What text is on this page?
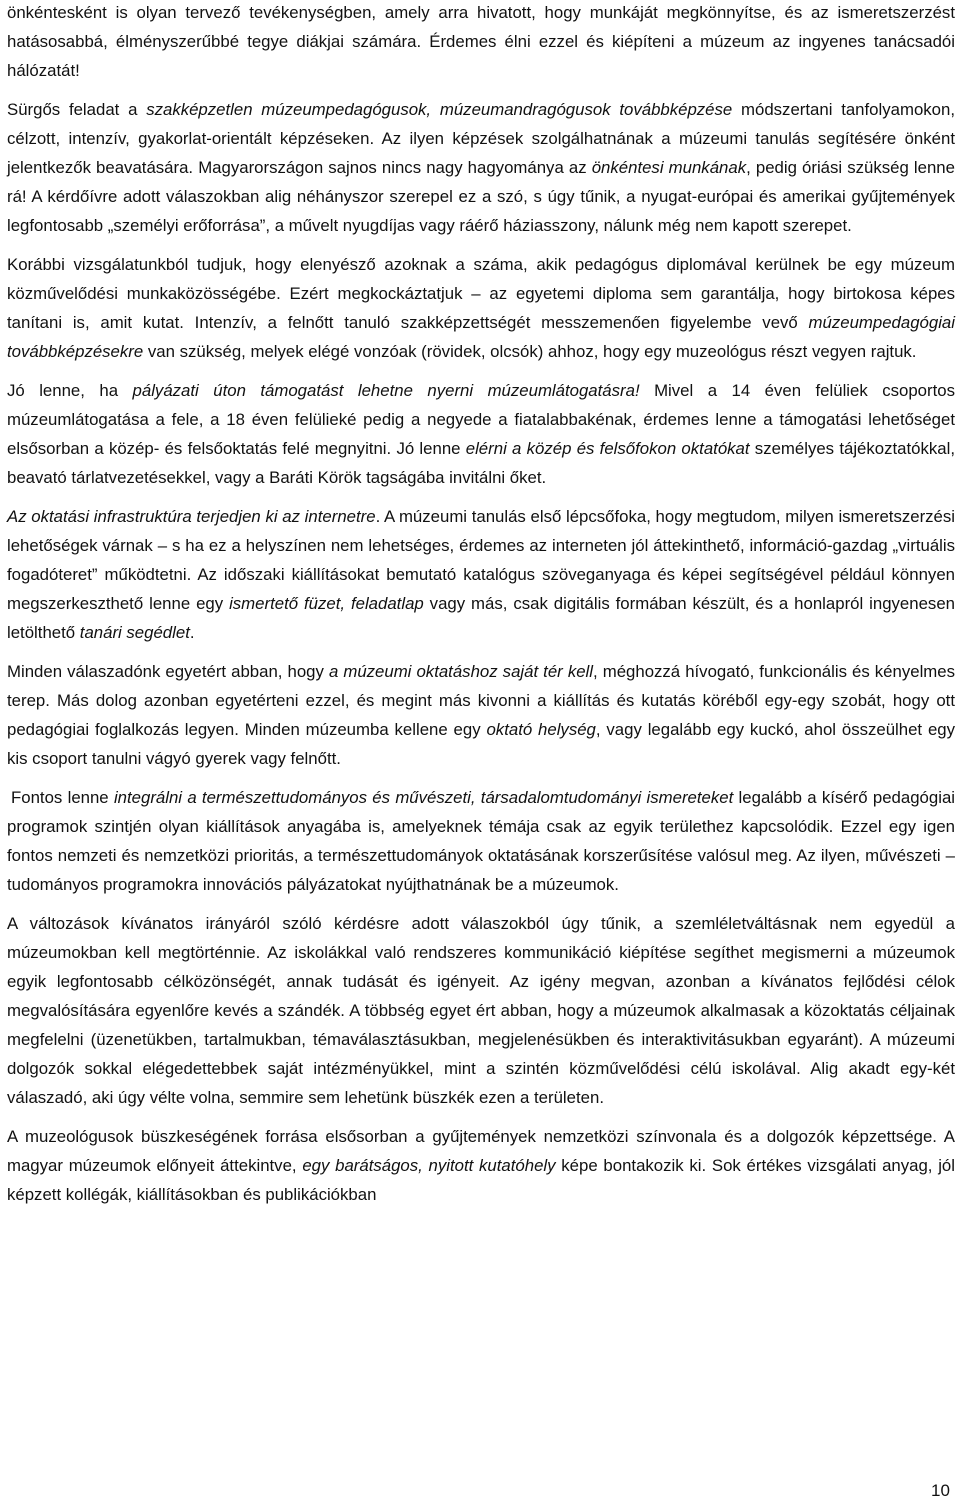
önkéntesként is olyan tervező tevékenységben, amely arra hivatott, hogy munkáját megkönnyítse, és az ismeretszerzést hatásosabbá, élményszerűbbé tegye diákjai számára. Érdemes élni ezzel és kiépíteni a múzeum az ingyenes tanácsadói hálózatát!

Sürgős feladat a szakképzetlen múzeumpedagógusok, múzeumandragógusok továbbképzése módszertani tanfolyamokon, célzott, intenzív, gyakorlat-orientált képzéseken. Az ilyen képzések szolgálhatnának a múzeumi tanulás segítésére önként jelentkezők beavatására. Magyarországon sajnos nincs nagy hagyománya az önkéntesi munkának, pedig óriási szükség lenne rá! A kérdőívre adott válaszokban alig néhányszor szerepel ez a szó, s úgy tűnik, a nyugat-európai és amerikai gyűjtemények legfontosabb „személyi erőforrása”, a művelt nyugdíjas vagy ráérő háziasszony, nálunk még nem kapott szerepet.

Korábbi vizsgálatunkból tudjuk, hogy elenyésző azoknak a száma, akik pedagógus diplomával kerülnek be egy múzeum közművelődési munkaközösségébe. Ezért megkockáztatjuk – az egyetemi diploma sem garantálja, hogy birtokosa képes tanítani is, amit kutat. Intenzív, a felnőtt tanuló szakképzettségét messzemenően figyelembe vevő múzeumpedagógiai továbbképzésekre van szükség, melyek elégé vonzóak (rövidek, olcsók) ahhoz, hogy egy muzeológus részt vegyen rajtuk.

Jó lenne, ha pályázati úton támogatást lehetne nyerni múzeumlátogatásra! Mivel a 14 éven felüliek csoportos múzeumlátogatása a fele, a 18 éven felülieké pedig a negyede a fiatalabbakénak, érdemes lenne a támogatási lehetőséget elsősorban a közép- és felsőoktatás felé megnyitni. Jó lenne elérni a közép és felsőfokon oktatókat személyes tájékoztatókkal, beavató tárlatvezetésekkel, vagy a Baráti Körök tagságába invitálni őket.

Az oktatási infrastruktúra terjedjen ki az internetre. A múzeumi tanulás első lépcsőfoka, hogy megtudom, milyen ismeretszerzési lehetőségek várnak – s ha ez a helyszínen nem lehetséges, érdemes az interneten jól áttekinthető, információ-gazdag „virtuális fogadóteret” működtetni. Az időszaki kiállításokat bemutató katalógus szöveganyaga és képei segítségével például könnyen megszerkeszthető lenne egy ismertető füzet, feladatlap vagy más, csak digitális formában készült, és a honlapról ingyenesen letölthető tanári segédlet.

Minden válaszadónk egyetért abban, hogy a múzeumi oktatáshoz saját tér kell, méghozzá hívogató, funkcionális és kényelmes terep. Más dolog azonban egyetérteni ezzel, és megint más kivonni a kiállítás és kutatás köréből egy-egy szobát, hogy ott pedagógiai foglalkozás legyen. Minden múzeumba kellene egy oktató helység, vagy legalább egy kuckó, ahol összeülhet egy kis csoport tanulni vágyó gyerek vagy felnőtt.

Fontos lenne integrálni a természettudományos és művészeti, társadalomtudományi ismereteket legalább a kísérő pedagógiai programok szintjén olyan kiállítások anyagába is, amelyeknek témája csak az egyik területhez kapcsolódik. Ezzel egy igen fontos nemzeti és nemzetközi prioritás, a természettudományok oktatásának korszerűsítése valósul meg. Az ilyen, művészeti – tudományos programokra innovációs pályázatokat nyújthatnának be a múzeumok.

A változások kívánatos irányáról szóló kérdésre adott válaszokból úgy tűnik, a szemléletváltásnak nem egyedül a múzeumokban kell megtörténnie. Az iskolákkal való rendszeres kommunikáció kiépítése segíthet megismerni a múzeumok egyik legfontosabb célközönségét, annak tudását és igényeit. Az igény megvan, azonban a kívánatos fejlődési célok megvalósítására egyenlőre kevés a szándék. A többség egyet ért abban, hogy a múzeumok alkalmasak a közoktatás céljainak megfelelni (üzenetükben, tartalmukban, témaválasztásukban, megjelenésükben és interaktivitásukban egyaránt). A múzeumi dolgozók sokkal elégedettebbek saját intézményükkel, mint a szintén közművelődési célú iskolával. Alig akadt egy-két válaszadó, aki úgy vélte volna, semmire sem lehetünk büszkék ezen a területen.

A muzeológusok büszkeségének forrása elsősorban a gyűjtemények nemzetközi színvonala és a dolgozók képzettsége. A magyar múzeumok előnyeit áttekintve, egy barátságos, nyitott kutatóhely képe bontakozik ki. Sok értékes vizsgálati anyag, jól képzett kollégák, kiállításokban és publikációkban

10
